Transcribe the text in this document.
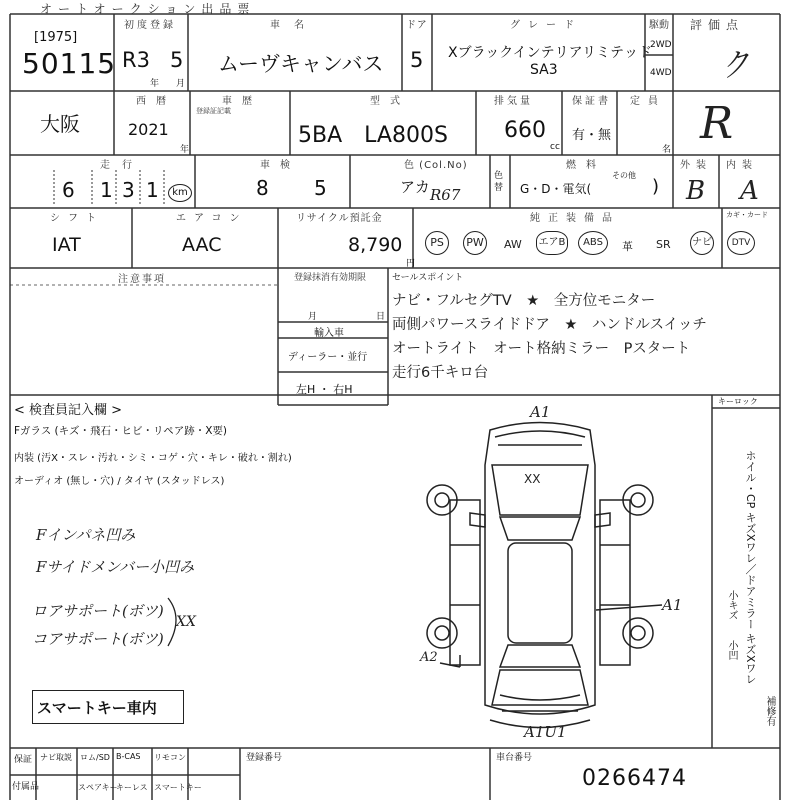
オートオークション出品票
[1975]
50115
初度登録
R3 5
年 月
車名
ムーヴキャンバス
ドア
5
グレード
Xブラックインテリアリミテッド
SA3
駆動
2WD
4WD
評価点
ク
R
大阪
西暦
2021
年
車歴
登録証記載
型式
5BA　LA800S
排気量
660
cc
保証書
有・無
定員
名
走行
6 1 3 1	km
車検
8 5
色 (Col.No)
アカ R67
色替
燃料
G・D・電気(
その他
)
外装
B
内装
A
シフト
IAT
エアコン
AAC
リサイクル預託金
8,790
円
純正装備品
PS	PW AW エアB	ABS	革 SR ナビ	DTV
カギ・カード
注意事項	登録抹消有効期限
月	日
輸入車
ディーラー・並行
左H ・ 右H
セールスポイント
ナビ・フルセグTV　★　全方位モニター
両側パワースライドドア　★　ハンドルスイッチ
オートライト　オート格納ミラー　Pスタート
走行6千キロ台
< 検査員記入欄 >
Fガラス (キズ・飛石・ヒビ・リペア跡・X要)
内装 (汚X・スレ・汚れ・シミ・コゲ・穴・キレ・破れ・割れ)
オーディオ (無し・穴) / タイヤ (スタッドレス)
Fインパネ凹み
Fサイドメンバー小凹み
ロアサポート(ボツ)
コアサポート(ボツ)
XX
スマートキー車内
キーロック
ホイル・CP キズXワレ／ドアミラー キズXワレ
小キズ
小凹
補修有
A1
XX
A1
A2
A1U1
保証 ナビ取説 ロム/SD B-CAS リモコン
付属品	スペアキー
キーレス スマートキー
登録番号	車台番号
0266474
